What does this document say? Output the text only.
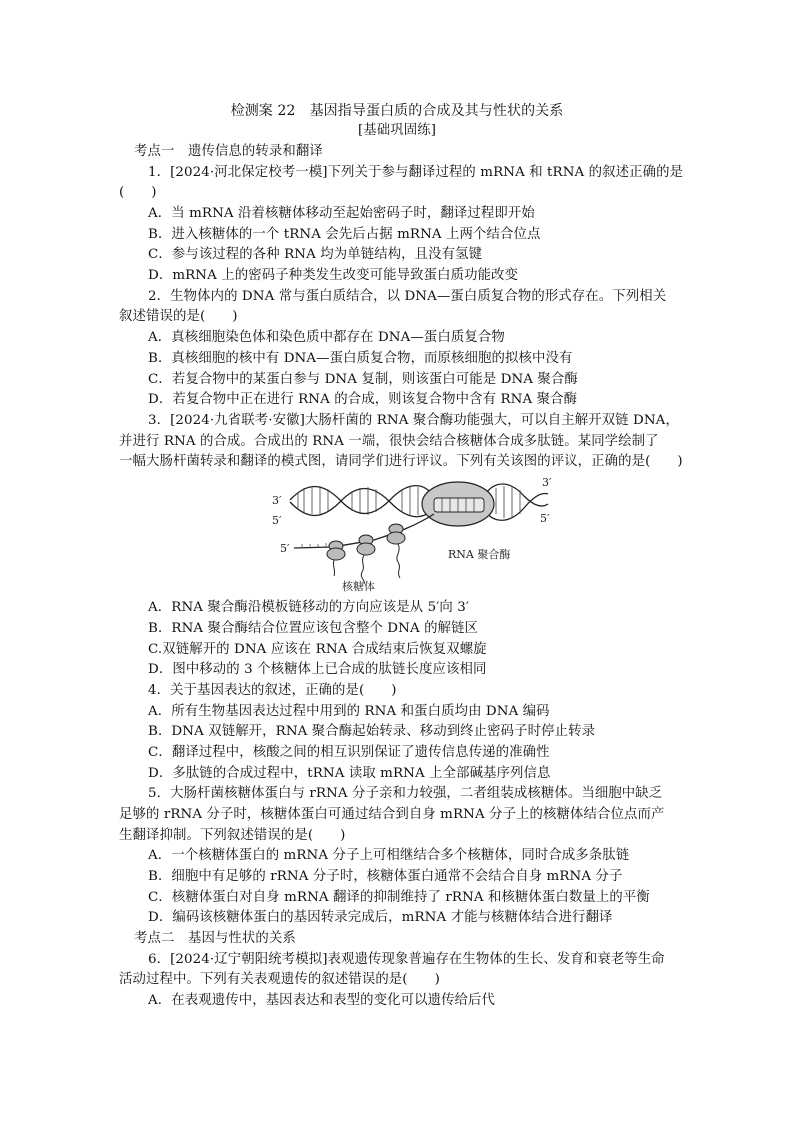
检测案 22　基因指导蛋白质的合成及其与性状的关系
[基础巩固练]
考点一　遗传信息的转录和翻译
1．[2024·河北保定校考一模]下列关于参与翻译过程的 mRNA 和 tRNA 的叙述正确的是
(　　)
A．当 mRNA 沿着核糖体移动至起始密码子时，翻译过程即开始
B．进入核糖体的一个 tRNA 会先后占据 mRNA 上两个结合位点
C．参与该过程的各种 RNA 均为单链结构，且没有氢键
D．mRNA 上的密码子种类发生改变可能导致蛋白质功能改变
2．生物体内的 DNA 常与蛋白质结合，以 DNA—蛋白质复合物的形式存在。下列相关
叙述错误的是(　　)
A．真核细胞染色体和染色质中都存在 DNA—蛋白质复合物
B．真核细胞的核中有 DNA—蛋白质复合物，而原核细胞的拟核中没有
C．若复合物中的某蛋白参与 DNA 复制，则该蛋白可能是 DNA 聚合酶
D．若复合物中正在进行 RNA 的合成，则该复合物中含有 RNA 聚合酶
3．[2024·九省联考·安徽]大肠杆菌的 RNA 聚合酶功能强大，可以自主解开双链 DNA，
并进行 RNA 的合成。合成出的 RNA 一端，很快会结合核糖体合成多肽链。某同学绘制了
一幅大肠杆菌转录和翻译的模式图，请同学们进行评议。下列有关该图的评议，正确的是(　　)
3′
5′
3′
5′
5′	RNA 聚合酶
核糖体
A．RNA 聚合酶沿模板链移动的方向应该是从 5′向 3′
B．RNA 聚合酶结合位置应该包含整个 DNA 的解链区
C.双链解开的 DNA 应该在 RNA 合成结束后恢复双螺旋
D．图中移动的 3 个核糖体上已合成的肽链长度应该相同
4．关于基因表达的叙述，正确的是(　　)
A．所有生物基因表达过程中用到的 RNA 和蛋白质均由 DNA 编码
B．DNA 双链解开，RNA 聚合酶起始转录、移动到终止密码子时停止转录
C．翻译过程中，核酸之间的相互识别保证了遗传信息传递的准确性
D．多肽链的合成过程中，tRNA 读取 mRNA 上全部碱基序列信息
5．大肠杆菌核糖体蛋白与 rRNA 分子亲和力较强，二者组装成核糖体。当细胞中缺乏
足够的 rRNA 分子时，核糖体蛋白可通过结合到自身 mRNA 分子上的核糖体结合位点而产
生翻译抑制。下列叙述错误的是(　　)
A．一个核糖体蛋白的 mRNA 分子上可相继结合多个核糖体，同时合成多条肽链
B．细胞中有足够的 rRNA 分子时，核糖体蛋白通常不会结合自身 mRNA 分子
C．核糖体蛋白对自身 mRNA 翻译的抑制维持了 rRNA 和核糖体蛋白数量上的平衡
D．编码该核糖体蛋白的基因转录完成后，mRNA 才能与核糖体结合进行翻译
考点二　基因与性状的关系
6．[2024·辽宁朝阳统考模拟]表观遗传现象普遍存在生物体的生长、发育和衰老等生命
活动过程中。下列有关表观遗传的叙述错误的是(　　)
A．在表观遗传中，基因表达和表型的变化可以遗传给后代
